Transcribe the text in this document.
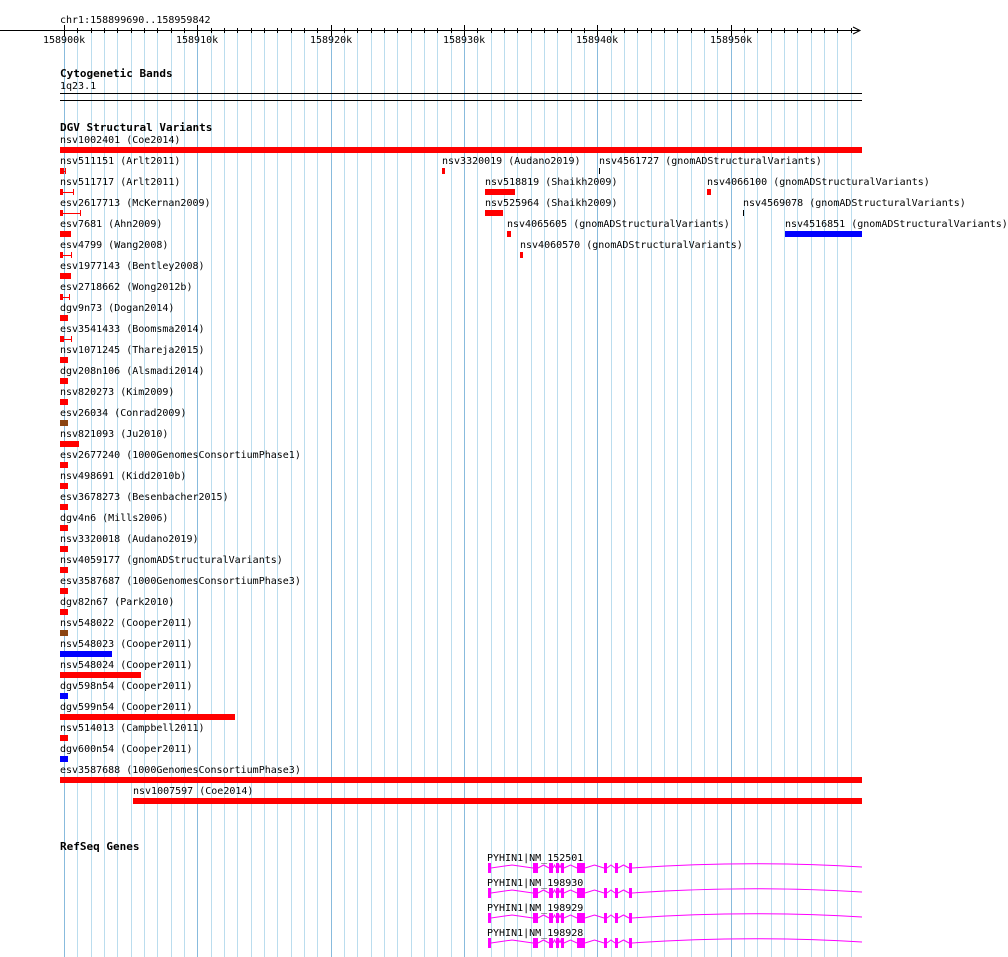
chr1:158899690..158959842
158900k	158910k	158920k	158930k	158940k	158950k
Cytogenetic Bands
1q23.1
DGV Structural Variants
nsv1002401 (Coe2014)
nsv511151 (Arlt2011)	nsv3320019 (Audano2019) nsv4561727 (gnomADStructuralVariants)
nsv511717 (Arlt2011)	nsv518819 (Shaikh2009)	nsv4066100 (gnomADStructuralVariants)
esv2617713 (McKernan2009)	nsv525964 (Shaikh2009)	nsv4569078 (gnomADStructuralVariants)
esv7681 (Ahn2009)	nsv4065605 (gnomADStructuralVariants)	nsv4516851 (gnomADStructuralVariants)
esv4799 (Wang2008)	nsv4060570 (gnomADStructuralVariants)
esv1977143 (Bentley2008)
esv2718662 (Wong2012b)
dgv9n73 (Dogan2014)
esv3541433 (Boomsma2014)
nsv1071245 (Thareja2015)
dgv208n106 (Alsmadi2014)
nsv820273 (Kim2009)
esv26034 (Conrad2009)
nsv821093 (Ju2010)
esv2677240 (1000GenomesConsortiumPhase1)
nsv498691 (Kidd2010b)
esv3678273 (Besenbacher2015)
dgv4n6 (Mills2006)
nsv3320018 (Audano2019)
nsv4059177 (gnomADStructuralVariants)
esv3587687 (1000GenomesConsortiumPhase3)
dgv82n67 (Park2010)
nsv548022 (Cooper2011)
nsv548023 (Cooper2011)
nsv548024 (Cooper2011)
dgv598n54 (Cooper2011)
dgv599n54 (Cooper2011)
nsv514013 (Campbell2011)
dgv600n54 (Cooper2011)
esv3587688 (1000GenomesConsortiumPhase3)
nsv1007597 (Coe2014)
RefSeq Genes
PYHIN1|NM_152501
PYHIN1|NM_198930
PYHIN1|NM_198929
PYHIN1|NM_198928
